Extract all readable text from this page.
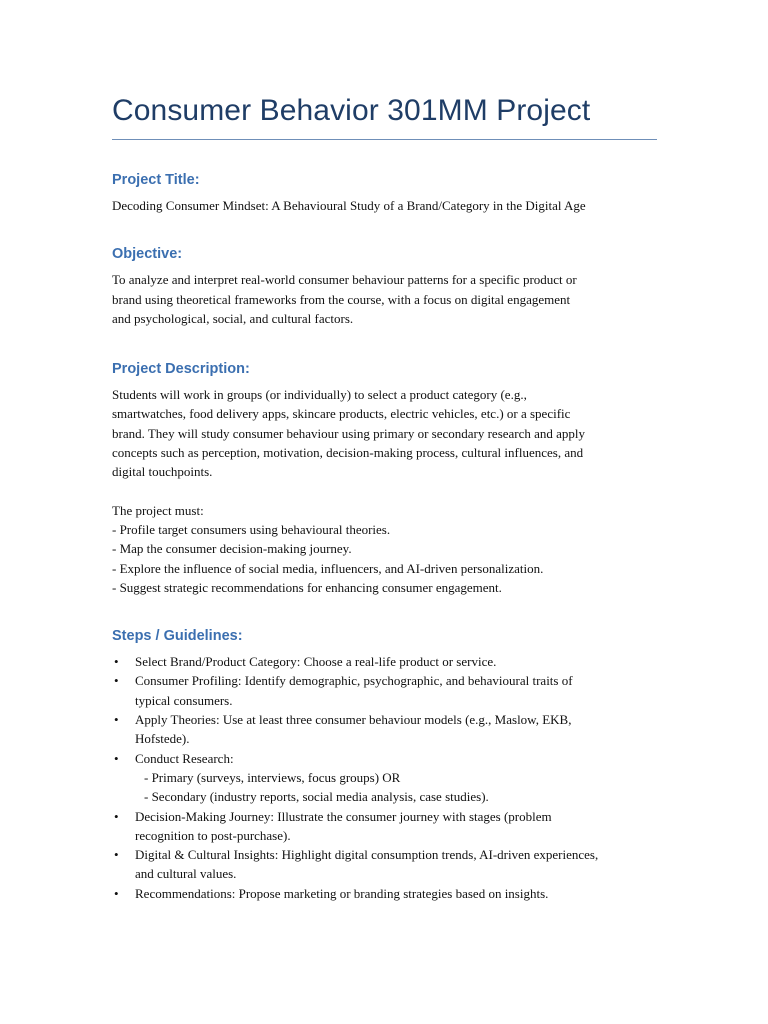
Consumer Behavior 301MM Project
Project Title:

Decoding Consumer Mindset: A Behavioural Study of a Brand/Category in the Digital Age

Objective:
To analyze and interpret real-world consumer behaviour patterns for a specific product or
brand using theoretical frameworks from the course, with a focus on digital engagement
and psychological, social, and cultural factors.
Project Description:
Students will work in groups (or individually) to select a product category (e.g.,
smartwatches, food delivery apps, skincare products, electric vehicles, etc.) or a specific
brand. They will study consumer behaviour using primary or secondary research and apply
concepts such as perception, motivation, decision-making process, cultural influences, and
digital touchpoints.
The project must:
- Profile target consumers using behavioural theories.
- Map the consumer decision-making journey.
- Explore the influence of social media, influencers, and AI-driven personalization.
- Suggest strategic recommendations for enhancing consumer engagement.
Steps / Guidelines:
• Select Brand/Product Category: Choose a real-life product or service.
• Consumer Profiling: Identify demographic, psychographic, and behavioural traits of
typical consumers.
• Apply Theories: Use at least three consumer behaviour models (e.g., Maslow, EKB,
Hofstede).
• Conduct Research:
- Primary (surveys, interviews, focus groups) OR
- Secondary (industry reports, social media analysis, case studies).
• Decision-Making Journey: Illustrate the consumer journey with stages (problem
recognition to post-purchase).
• Digital & Cultural Insights: Highlight digital consumption trends, AI-driven experiences,
and cultural values.
• Recommendations: Propose marketing or branding strategies based on insights.
